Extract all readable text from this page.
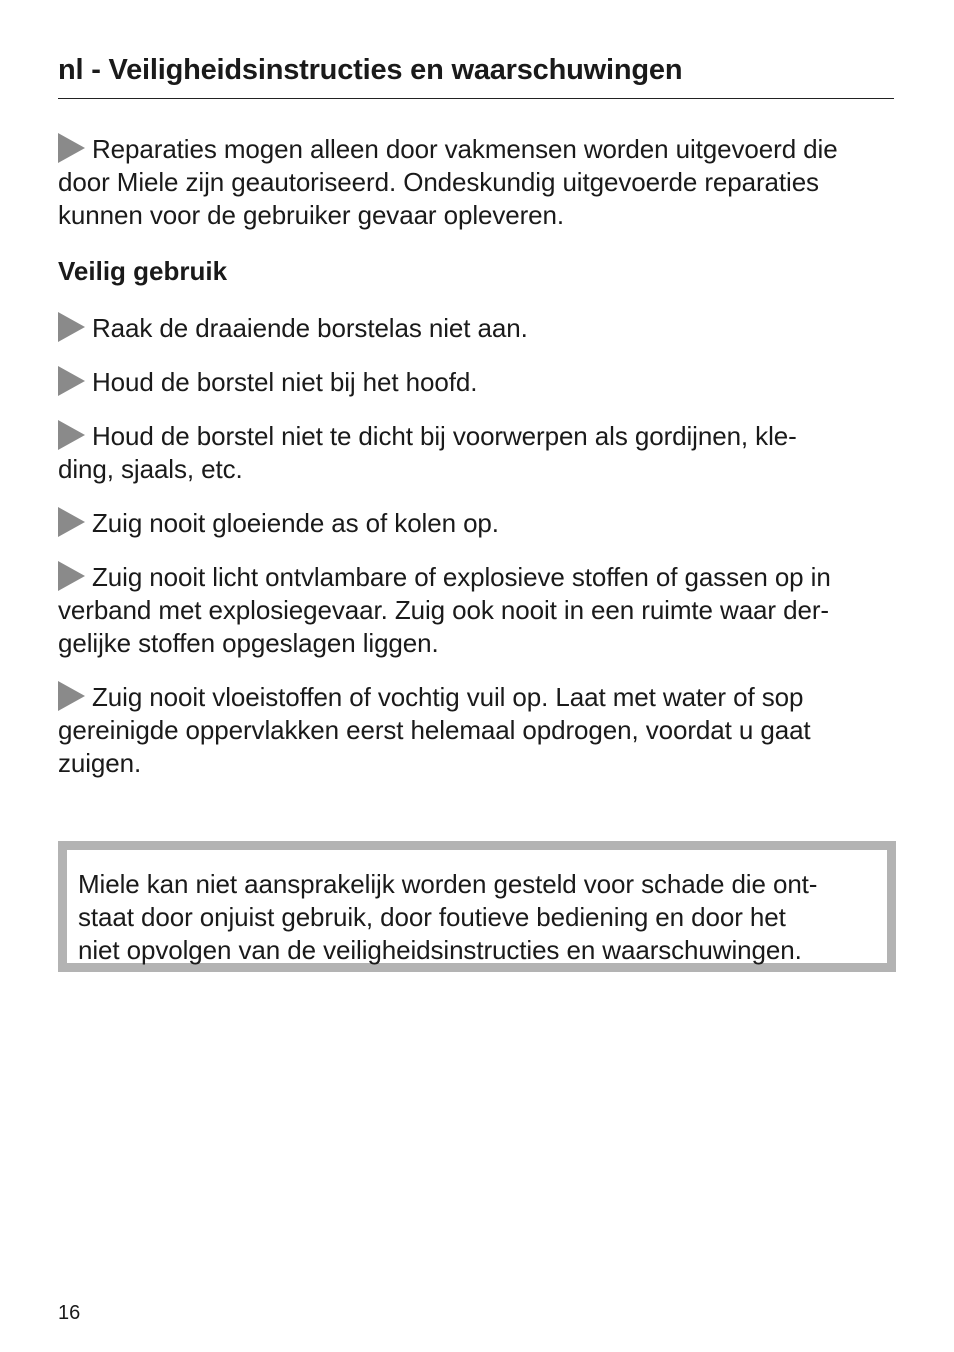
nl - Veiligheidsinstructies en waarschuwingen

Reparaties mogen alleen door vakmensen worden uitgevoerd die
door Miele zijn geautoriseerd. Ondeskundig uitgevoerde reparaties
kunnen voor de gebruiker gevaar opleveren.

Veilig gebruik

Raak de draaiende borstelas niet aan.

Houd de borstel niet bij het hoofd.

Houd de borstel niet te dicht bij voorwerpen als gordijnen, kle-
ding, sjaals, etc.

Zuig nooit gloeiende as of kolen op.

Zuig nooit licht ontvlambare of explosieve stoffen of gassen op in
verband met explosiegevaar. Zuig ook nooit in een ruimte waar der-
gelijke stoffen opgeslagen liggen.

Zuig nooit vloeistoffen of vochtig vuil op. Laat met water of sop
gereinigde oppervlakken eerst helemaal opdrogen, voordat u gaat
zuigen.

Miele kan niet aansprakelijk worden gesteld voor schade die ont-
staat door onjuist gebruik, door foutieve bediening en door het
niet opvolgen van de veiligheidsinstructies en waarschuwingen.
16
